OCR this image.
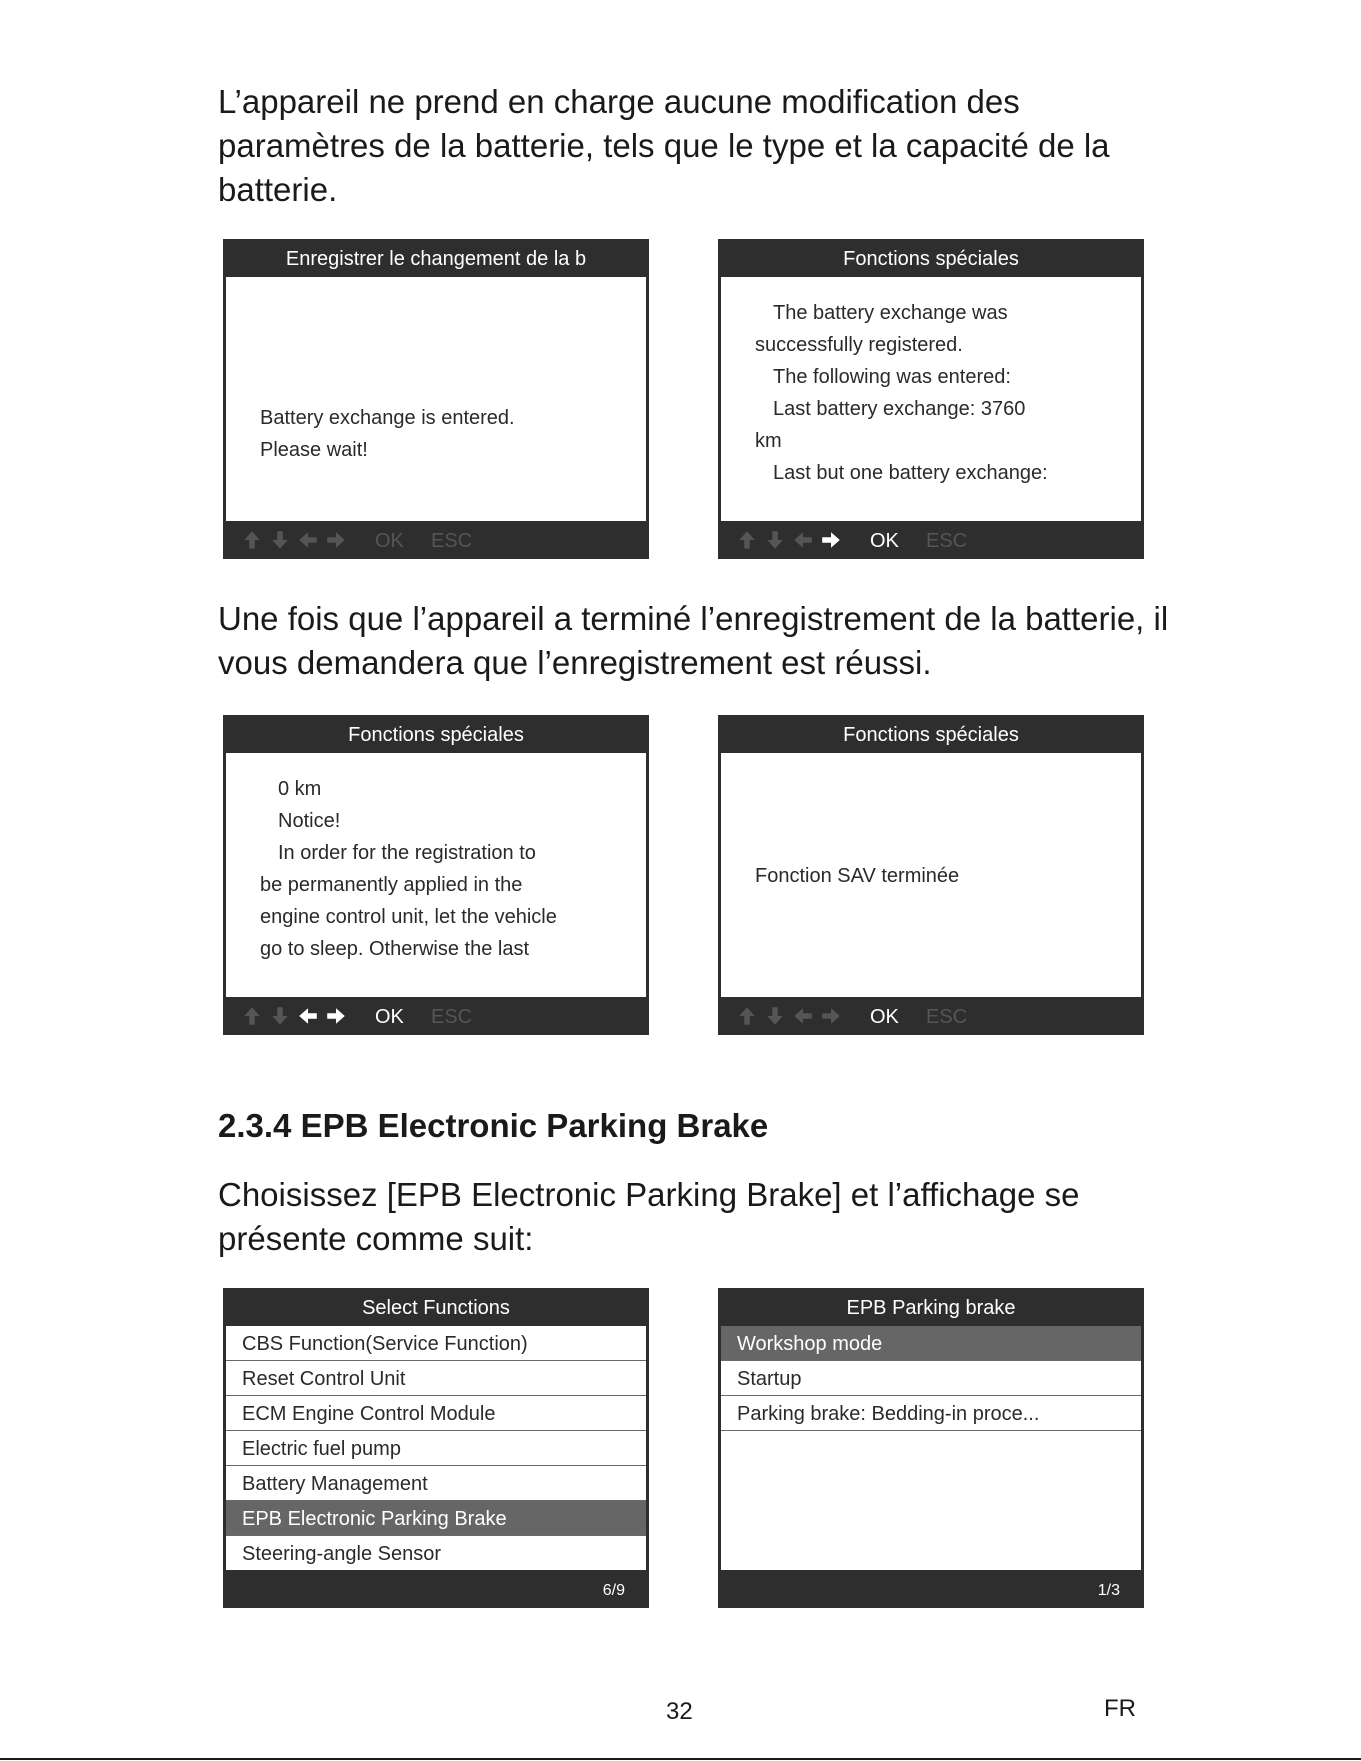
L’appareil ne prend en charge aucune modification des paramètres de la batterie, tels que le type et la capacité de la batterie.

Enregistrer le changement de la b
Battery exchange is entered.
Please wait!
OK ESC
Fonctions spéciales
The battery exchange was
successfully registered.
The following was entered:
Last battery exchange: 3760
km
Last but one battery exchange:
OK ESC

Une fois que l’appareil a terminé l’enregistrement de la batterie, il vous demandera que l’enregistrement est réussi.

Fonctions spéciales
0 km
Notice!
In order for the registration to
be permanently applied in the
engine control unit, let the vehicle
go to sleep. Otherwise the last
OK ESC
Fonctions spéciales
Fonction SAV terminée
OK ESC
2.3.4 EPB Electronic Parking Brake

Choisissez [EPB Electronic Parking Brake] et l’affichage se présente comme suit:

Select Functions
CBS Function(Service Function)
Reset Control Unit
ECM Engine Control Module
Electric fuel pump
Battery Management
EPB Electronic Parking Brake
Steering-angle Sensor
6/9
EPB Parking brake
Workshop mode
Startup
Parking brake: Bedding-in proce...
1/3
32	FR
